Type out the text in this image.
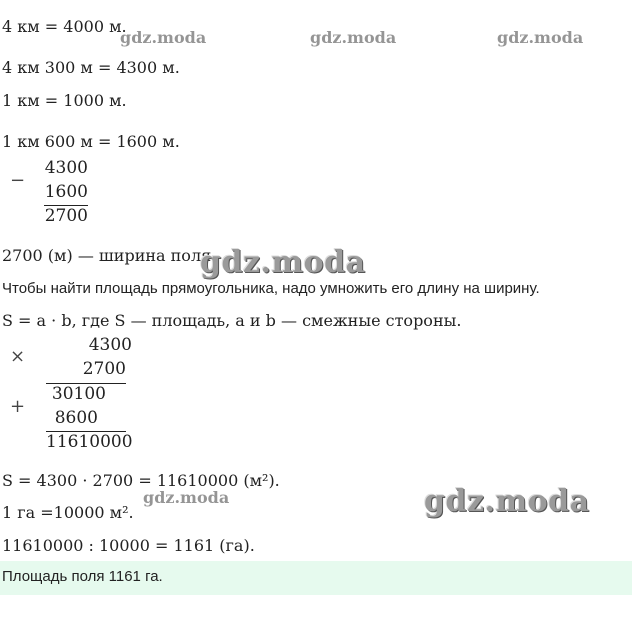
4 км = 4000 м.
gdz.moda	gdz.moda	gdz.moda
4 км 300 м = 4300 м.
1 км = 1000 м.
1 км 600 м = 1600 м.
−
4300
1600
2700
2700 (м) — ширина поля.
gdz.moda
Чтобы найти площадь прямоугольника, надо умножить его длину на ширину.
S = a · b, где S — площадь, a и b — смежные стороны.
×
4300
2700
30100
+
8600
11610000
S = 4300 · 2700 = 11610000 (м²).
1 га =10000 м².
gdz.moda	gdz.moda
11610000 : 10000 = 1161 (га).
Площадь поля 1161 га.
